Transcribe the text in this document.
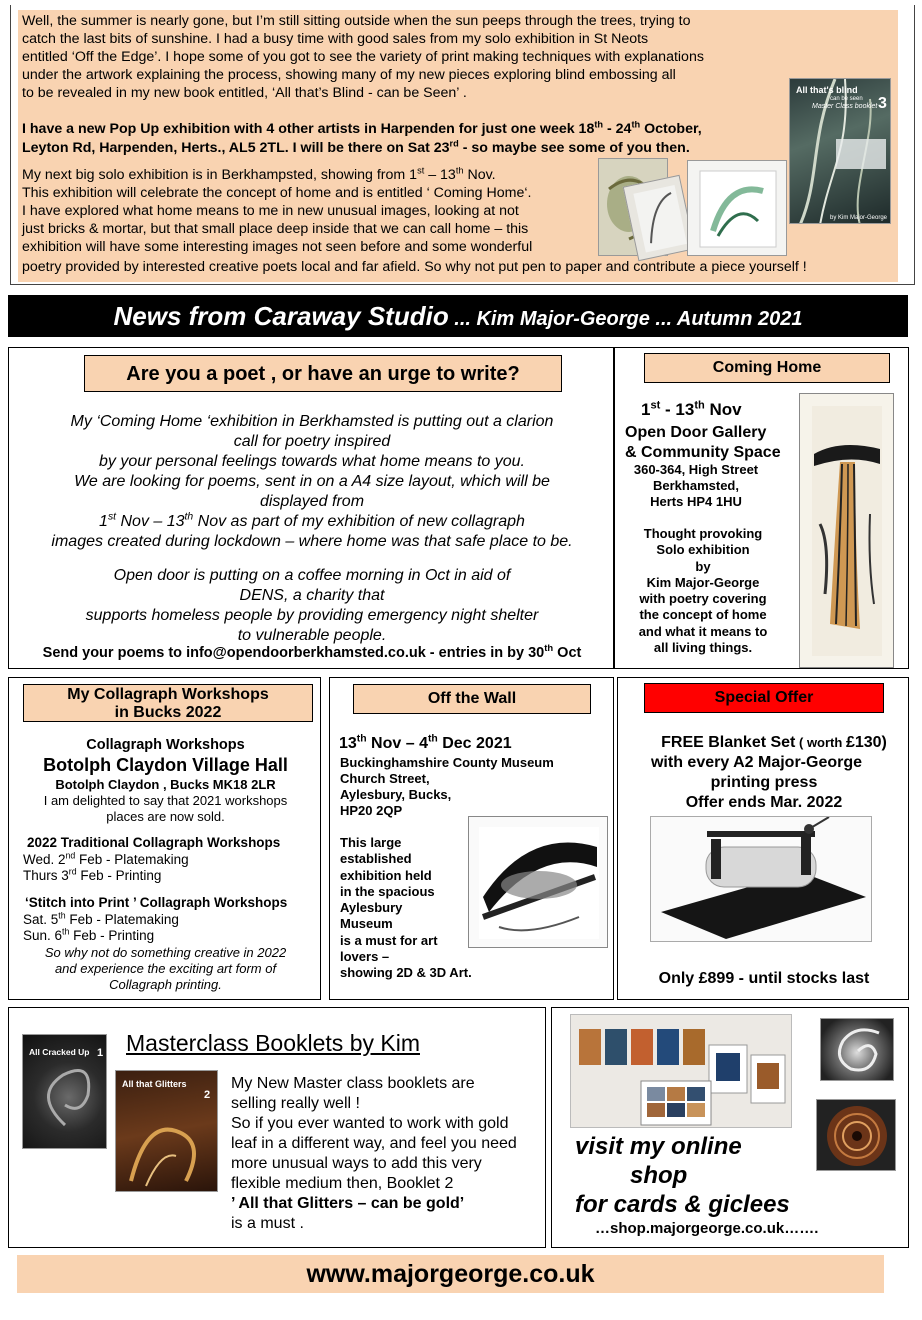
Well, the summer is nearly gone, but I’m still sitting outside when the sun peeps through the trees, trying to
catch the last bits of sunshine. I had a busy time with good sales from my solo exhibition in St Neots
entitled ‘Off the Edge’. I hope some of you got to see the variety of print making techniques with explanations
under the artwork explaining the process, showing many of my new pieces exploring blind embossing all
to be revealed in my new book entitled, ‘All that’s Blind - can be Seen’ .
I have a new Pop Up exhibition with 4 other artists in Harpenden for just one week 18th - 24th October,
Leyton Rd, Harpenden, Herts., AL5 2TL. I will be there on Sat 23rd - so maybe see some of you then.
My next big solo exhibition is in Berkhampsted, showing from 1st – 13th Nov.
This exhibition will celebrate the concept of home and is entitled ‘ Coming Home‘.
I have explored what home means to me in new unusual images, looking at not
just bricks & mortar, but that small place deep inside that we can call home – this
exhibition will have some interesting images not seen before and some wonderful
poetry provided by interested creative poets local and far afield. So why not put pen to paper and contribute a piece yourself !
All that's blind
can be seen
Master Class booklet 3
by Kim Major-George
News from Caraway Studio ... Kim Major-George ... Autumn 2021
Are you a poet , or have an urge to write?
My ‘Coming Home ‘exhibition in Berkhamsted is putting out a clarion
call for poetry inspired
by your personal feelings towards what home means to you.
We are looking for poems, sent in on a A4 size layout, which will be
displayed from
1st Nov – 13th Nov as part of my exhibition of new collagraph
images created during lockdown – where home was that safe place to be.
Open door is putting on a coffee morning in Oct in aid of
DENS, a charity that
supports homeless people by providing emergency night shelter
to vulnerable people.
Send your poems to info@opendoorberkhamsted.co.uk - entries in by 30th Oct
Coming Home
1st - 13th Nov
Open Door Gallery
& Community Space
360-364, High Street
Berkhamsted,
Herts HP4 1HU
Thought provoking
Solo exhibition
by
Kim Major-George
with poetry covering
the concept of home
and what it means to
all living things.
My Collagraph Workshops
in Bucks 2022
Collagraph Workshops
Botolph Claydon Village Hall
Botolph Claydon , Bucks MK18 2LR
I am delighted to say that 2021 workshops
places are now sold.
2022 Traditional Collagraph Workshops
Wed. 2nd Feb - Platemaking
Thurs 3rd Feb - Printing
‘Stitch into Print ’ Collagraph Workshops
Sat. 5th Feb - Platemaking
Sun. 6th Feb - Printing
So why not do something creative in 2022
and experience the exciting art form of
Collagraph printing.
Off the Wall
13th Nov – 4th Dec 2021
Buckinghamshire County Museum
Church Street,
Aylesbury, Bucks,
HP20 2QP
This large
established
exhibition held
in the spacious
Aylesbury
Museum
is a must for art
lovers –
showing 2D & 3D Art.
Special Offer
FREE Blanket Set ( worth £130)
with every A2 Major-George
printing press
Offer ends Mar. 2022
Only £899 - until stocks last
Masterclass Booklets by Kim
All Cracked Up 1
All that Glitters
2
My New Master class booklets are
selling really well !
So if you ever wanted to work with gold
leaf in a different way, and feel you need
more unusual ways to add this very
flexible medium then, Booklet 2
’ All that Glitters – can be gold’
is a must .
visit my online
shop
for cards & giclees
…shop.majorgeorge.co.uk…….
www.majorgeorge.co.uk
